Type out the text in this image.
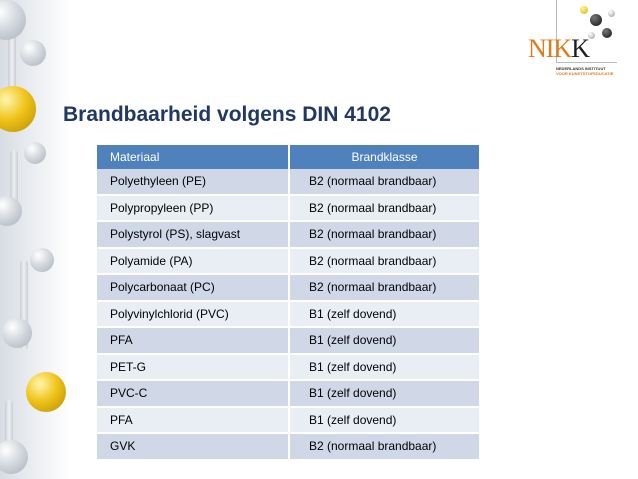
NIKK
NEDERLANDS INSTITUUT
VOOR KUNSTSTOFEDUCATIE
Brandbaarheid volgens DIN 4102
Materiaal	Brandklasse
Polyethyleen (PE)	B2 (normaal brandbaar)
Polypropyleen (PP)	B2 (normaal brandbaar)
Polystyrol (PS), slagvast	B2 (normaal brandbaar)
Polyamide (PA)	B2 (normaal brandbaar)
Polycarbonaat (PC)	B2 (normaal brandbaar)
Polyvinylchlorid (PVC)	B1 (zelf dovend)
PFA	B1 (zelf dovend)
PET-G	B1 (zelf dovend)
PVC-C	B1 (zelf dovend)
PFA	B1 (zelf dovend)
GVK	B2 (normaal brandbaar)
